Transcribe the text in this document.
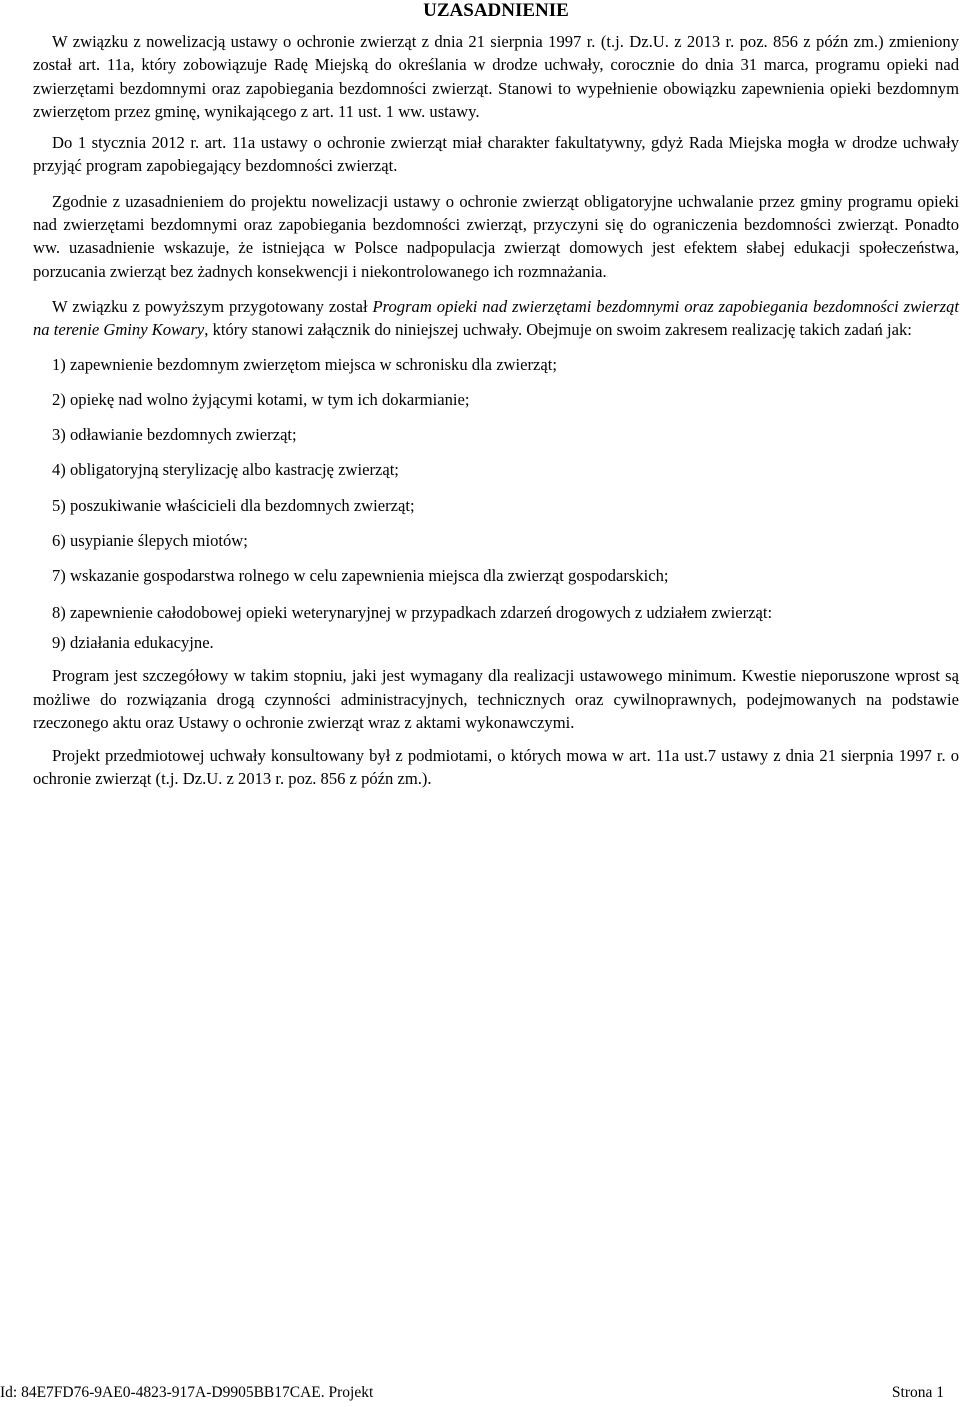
UZASADNIENIE

W związku z nowelizacją ustawy o ochronie zwierząt z dnia 21 sierpnia 1997 r. (t.j. Dz.U. z 2013 r. poz. 856 z późn zm.) zmieniony został art. 11a, który zobowiązuje Radę Miejską do określania w drodze uchwały, corocznie do dnia 31 marca, programu opieki nad zwierzętami bezdomnymi oraz zapobiegania bezdomności zwierząt. Stanowi to wypełnienie obowiązku zapewnienia opieki bezdomnym zwierzętom przez gminę, wynikającego z art. 11 ust. 1 ww. ustawy.

Do 1 stycznia 2012 r. art. 11a ustawy o ochronie zwierząt miał charakter fakultatywny, gdyż Rada Miejska mogła w drodze uchwały przyjąć program zapobiegający bezdomności zwierząt.

Zgodnie z uzasadnieniem do projektu nowelizacji ustawy o ochronie zwierząt obligatoryjne uchwalanie przez gminy programu opieki nad zwierzętami bezdomnymi oraz zapobiegania bezdomności zwierząt, przyczyni się do ograniczenia bezdomności zwierząt. Ponadto ww. uzasadnienie wskazuje, że istniejąca w Polsce nadpopulacja zwierząt domowych jest efektem słabej edukacji społeczeństwa, porzucania zwierząt bez żadnych konsekwencji i niekontrolowanego ich rozmnażania.

W związku z powyższym przygotowany został Program opieki nad zwierzętami bezdomnymi oraz zapobiegania bezdomności zwierząt na terenie Gminy Kowary, który stanowi załącznik do niniejszej uchwały. Obejmuje on swoim zakresem realizację takich zadań jak:

1) zapewnienie bezdomnym zwierzętom miejsca w schronisku dla zwierząt;

2) opiekę nad wolno żyjącymi kotami, w tym ich dokarmianie;

3) odławianie bezdomnych zwierząt;

4) obligatoryjną sterylizację albo kastrację zwierząt;

5) poszukiwanie właścicieli dla bezdomnych zwierząt;

6) usypianie ślepych miotów;

7) wskazanie gospodarstwa rolnego w celu zapewnienia miejsca dla zwierząt gospodarskich;

8) zapewnienie całodobowej opieki weterynaryjnej w przypadkach zdarzeń drogowych z udziałem zwierząt:

9) działania edukacyjne.

Program jest szczegółowy w takim stopniu, jaki jest wymagany dla realizacji ustawowego minimum. Kwestie nieporuszone wprost są możliwe do rozwiązania drogą czynności administracyjnych, technicznych oraz cywilnoprawnych, podejmowanych na podstawie rzeczonego aktu oraz Ustawy o ochronie zwierząt wraz z aktami wykonawczymi.

Projekt przedmiotowej uchwały konsultowany był z podmiotami, o których mowa w art. 11a ust.7 ustawy z dnia 21 sierpnia 1997 r. o ochronie zwierząt (t.j. Dz.U. z 2013 r. poz. 856 z późn zm.).

Id: 84E7FD76-9AE0-4823-917A-D9905BB17CAE. Projekt	Strona 1
